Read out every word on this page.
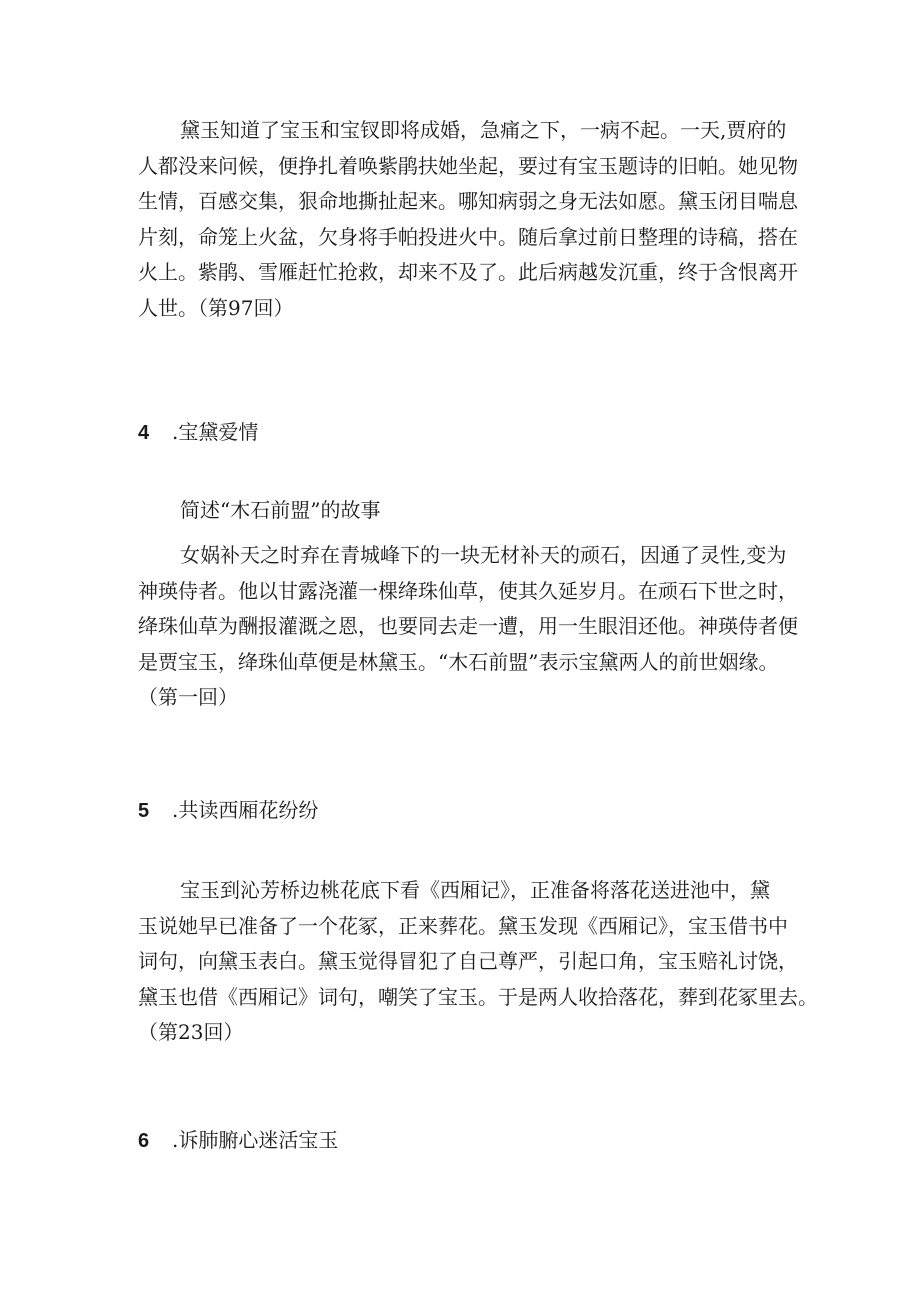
黛玉知道了宝玉和宝钗即将成婚，急痛之下，一病不起。一天,贾府的

人都没来问候，便挣扎着唤紫鹃扶她坐起，要过有宝玉题诗的旧帕。她见物

生情，百感交集，狠命地撕扯起来。哪知病弱之身无法如愿。黛玉闭目喘息

片刻，命笼上火盆，欠身将手帕投进火中。随后拿过前日整理的诗稿，搭在

火上。紫鹃、雪雁赶忙抢救，却来不及了。此后病越发沉重，终于含恨离开

人世。（第97回）

4 .宝黛爱情
简述“木石前盟”的故事

女娲补天之时弃在青城峰下的一块无材补天的顽石，因通了灵性,变为

神瑛侍者。他以甘露浇灌一棵绛珠仙草，使其久延岁月。在顽石下世之时，

绛珠仙草为酬报灌溉之恩，也要同去走一遭，用一生眼泪还他。神瑛侍者便

是贾宝玉，绛珠仙草便是林黛玉。“木石前盟”表示宝黛两人的前世姻缘。

（第一回）

5 .共读西厢花纷纷

宝玉到沁芳桥边桃花底下看《西厢记》，正准备将落花送进池中，黛

玉说她早已准备了一个花冢，正来葬花。黛玉发现《西厢记》，宝玉借书中

词句，向黛玉表白。黛玉觉得冒犯了自己尊严，引起口角，宝玉赔礼讨饶，

黛玉也借《西厢记》词句，嘲笑了宝玉。于是两人收拾落花，葬到花冢里去。

（第23回）

6 .诉肺腑心迷活宝玉
